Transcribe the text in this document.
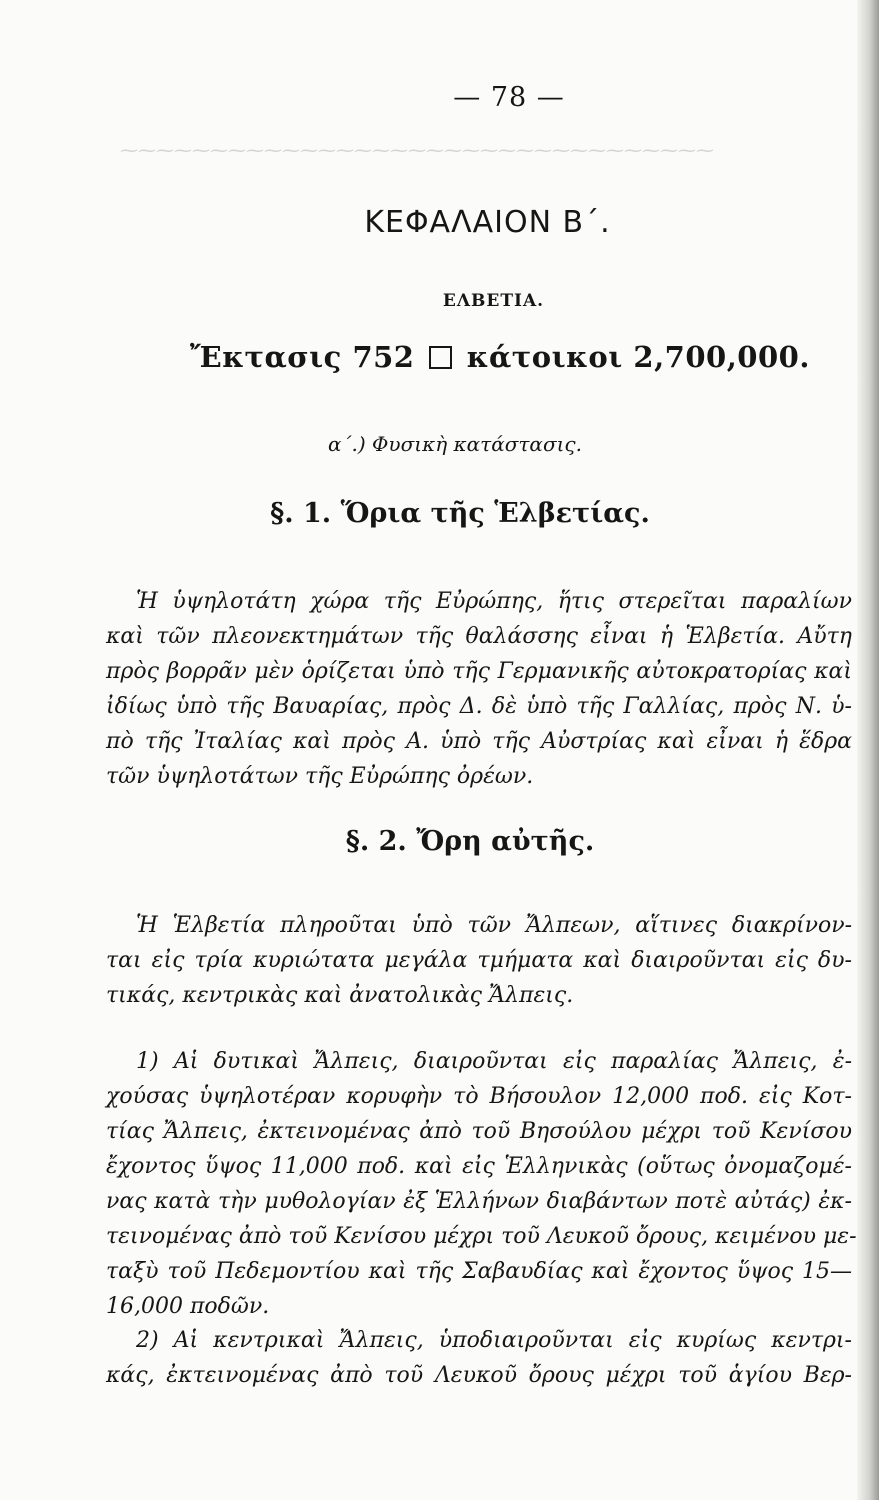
⁓⁓⁓⁓⁓⁓⁓⁓⁓⁓⁓⁓⁓⁓⁓⁓⁓⁓⁓⁓⁓⁓⁓⁓⁓⁓⁓⁓⁓⁓⁓⁓⁓
— 78 —
ΚΕΦΑΛΑΙΟΝ Β΄.
ΕΛΒΕΤΙΑ.
Ἔκτασις 752 κάτοικοι 2,700,000.
α΄.) Φυσικὴ κατάστασις.
§. 1. Ὅρια τῆς Ἑλβετίας.
Ἡ ὑψηλοτάτη χώρα τῆς Εὐρώπης, ἥτις στερεῖται παραλίων
καὶ τῶν πλεονεκτημάτων τῆς θαλάσσης εἶναι ἡ Ἑλβετία. Αὔτη
πρὸς βορρᾶν μὲν ὁρίζεται ὑπὸ τῆς Γερμανικῆς αὐτοκρατορίας καὶ
ἰδίως ὑπὸ τῆς Βαυαρίας, πρὸς Δ. δὲ ὑπὸ τῆς Γαλλίας, πρὸς Ν. ὑ-
πὸ τῆς Ἰταλίας καὶ πρὸς Α. ὑπὸ τῆς Αὐστρίας καὶ εἶναι ἡ ἕδρα
τῶν ὑψηλοτάτων τῆς Εὐρώπης ὀρέων.
§. 2. Ὄρη αὐτῆς.
Ἡ Ἑλβετία πληροῦται ὑπὸ τῶν Ἄλπεων, αἵτινες διακρίνον-
ται εἰς τρία κυριώτατα μεγάλα τμήματα καὶ διαιροῦνται εἰς δυ-
τικάς, κεντρικὰς καὶ ἀνατολικὰς Ἄλπεις.
1) Αἱ δυτικαὶ Ἄλπεις, διαιροῦνται εἰς παραλίας Ἄλπεις, ἐ-
χούσας ὑψηλοτέραν κορυφὴν τὸ Βήσουλον 12,000 ποδ. εἰς Κοτ-
τίας Ἄλπεις, ἐκτεινομένας ἀπὸ τοῦ Βησούλου μέχρι τοῦ Κενίσου
ἔχοντος ὕψος 11,000 ποδ. καὶ εἰς Ἑλληνικὰς (οὕτως ὀνομαζομέ-
νας κατὰ τὴν μυθολογίαν ἐξ Ἑλλήνων διαβάντων ποτὲ αὐτάς) ἐκ-
τεινομένας ἀπὸ τοῦ Κενίσου μέχρι τοῦ Λευκοῦ ὄρους, κειμένου με-
ταξὺ τοῦ Πεδεμοντίου καὶ τῆς Σαβαυδίας καὶ ἔχοντος ὕψος 15—
16,000 ποδῶν.
2) Αἱ κεντρικαὶ Ἄλπεις, ὑποδιαιροῦνται εἰς κυρίως κεντρι-
κάς, ἐκτεινομένας ἀπὸ τοῦ Λευκοῦ ὄρους μέχρι τοῦ ἁγίου Βερ-
